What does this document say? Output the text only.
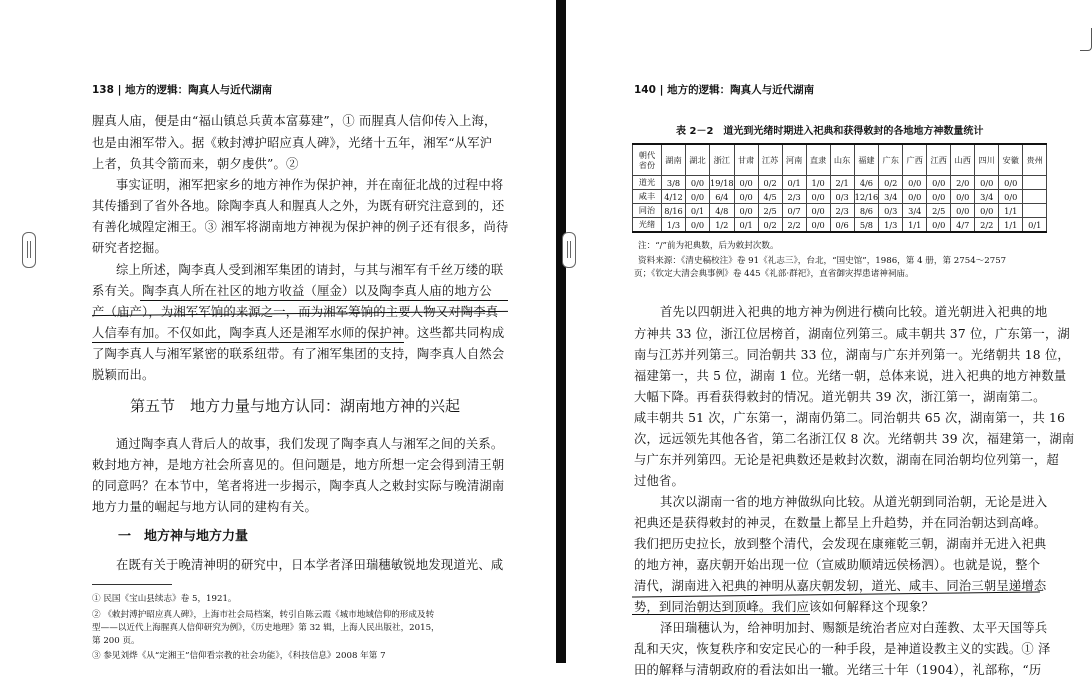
138 | 地方的逻辑：陶真人与近代湖南
腥真人庙，便是由“福山镇总兵黄本富募建”，① 而腥真人信仰传入上海，
也是由湘军带入。据《敕封溥护昭应真人碑》，光绪十五年，湘军“从军沪
上者，负其令箭而来，朝夕虔供”。②
事实证明，湘军把家乡的地方神作为保护神，并在南征北战的过程中将
其传播到了省外各地。除陶李真人和腥真人之外，为既有研究注意到的，还
有善化城隍定湘王。③ 湘军将湖南地方神视为保护神的例子还有很多，尚待
研究者挖掘。
综上所述，陶李真人受到湘军集团的请封，与其与湘军有千丝万缕的联
系有关。陶李真人所在社区的地方收益（厘金）以及陶李真人庙的地方公
产（庙产），为湘军军饷的来源之一，而为湘军筹饷的主要人物又对陶李真
人信奉有加。不仅如此，陶李真人还是湘军水师的保护神。这些都共同构成
了陶李真人与湘军紧密的联系纽带。有了湘军集团的支持，陶李真人自然会
脱颖而出。
第五节　地方力量与地方认同：湖南地方神的兴起
通过陶李真人背后人的故事，我们发现了陶李真人与湘军之间的关系。
敕封地方神，是地方社会所喜见的。但问题是，地方所想一定会得到清王朝
的同意吗？在本节中，笔者将进一步揭示，陶李真人之敕封实际与晚清湖南
地方力量的崛起与地方认同的建构有关。
一　地方神与地方力量
在既有关于晚清神明的研究中，日本学者泽田瑞穗敏锐地发现道光、咸
① 民国《宝山县续志》卷 5，1921。
② 《敕封溥护昭应真人碑》，上海市社会局档案，转引自陈云霞《城市地域信仰的形成及转
型——以近代上海腥真人信仰研究为例》，《历史地理》第 32 辑，上海人民出版社，2015，
第 200 页。
③ 参见刘烨《从“定湘王”信仰看宗教的社会功能》，《科技信息》2008 年第 7
140 | 地方的逻辑：陶真人与近代湖南
表 2－2　道光到光绪时期进入祀典和获得敕封的各地地方神数量统计
朝代
省份	湖南	湖北	浙江	甘肃	江苏	河南	直隶	山东	福建	广东	广西	江西	山西	四川	安徽	贵州
道光	3/8	0/0	19/18	0/0	0/2	0/1	1/0	2/1	4/6	0/2	0/0	0/0	2/0	0/0	0/0	
咸丰	4/12	0/0	6/4	0/0	4/5	2/3	0/0	0/3	12/16	3/4	0/0	0/0	0/0	3/4	0/0	
同治	8/16	0/1	4/8	0/0	2/5	0/7	0/0	2/3	8/6	0/3	3/4	2/5	0/0	0/0	1/1	
光绪	1/3	0/0	1/2	0/1	0/2	2/2	0/0	0/6	5/8	1/3	1/1	0/0	4/7	2/2	1/1	0/1
注：“/”前为祀典数，后为敕封次数。
资料来源：《清史稿校注》卷 91《礼志三》，台北，“国史馆”，1986，第 4 册，第 2754～2757
页；《钦定大清会典事例》卷 445《礼部·群祀》，直省御灾捍患诸神祠庙。
首先以四朝进入祀典的地方神为例进行横向比较。道光朝进入祀典的地
方神共 33 位，浙江位居榜首，湖南位列第三。咸丰朝共 37 位，广东第一，湖
南与江苏并列第三。同治朝共 33 位，湖南与广东并列第一。光绪朝共 18 位，
福建第一，共 5 位，湖南 1 位。光绪一朝，总体来说，进入祀典的地方神数量
大幅下降。再看获得敕封的情况。道光朝共 39 次，浙江第一，湖南第二。
咸丰朝共 51 次，广东第一，湖南仍第二。同治朝共 65 次，湖南第一，共 16
次，远远领先其他各省，第二名浙江仅 8 次。光绪朝共 39 次，福建第一，湖南
与广东并列第四。无论是祀典数还是敕封次数，湖南在同治朝均位列第一，超
过他省。
其次以湖南一省的地方神做纵向比较。从道光朝到同治朝，无论是进入
祀典还是获得敕封的神灵，在数量上都呈上升趋势，并在同治朝达到高峰。
我们把历史拉长，放到整个清代，会发现在康雍乾三朝，湖南并无进入祀典
的地方神，嘉庆朝开始出现一位（宣威助顺靖远侯杨泗）。也就是说，整个
清代，湖南进入祀典的神明从嘉庆朝发轫，道光、咸丰、同治三朝呈递增态
势，到同治朝达到顶峰。我们应该如何解释这个现象？
泽田瑞穗认为，给神明加封、赐额是统治者应对白莲教、太平天国等兵
乱和天灾，恢复秩序和安定民心的一种手段，是神道设教主义的实践。① 泽
田的解释与清朝政府的看法如出一辙。光绪三十年（1904），礼部称，“历
